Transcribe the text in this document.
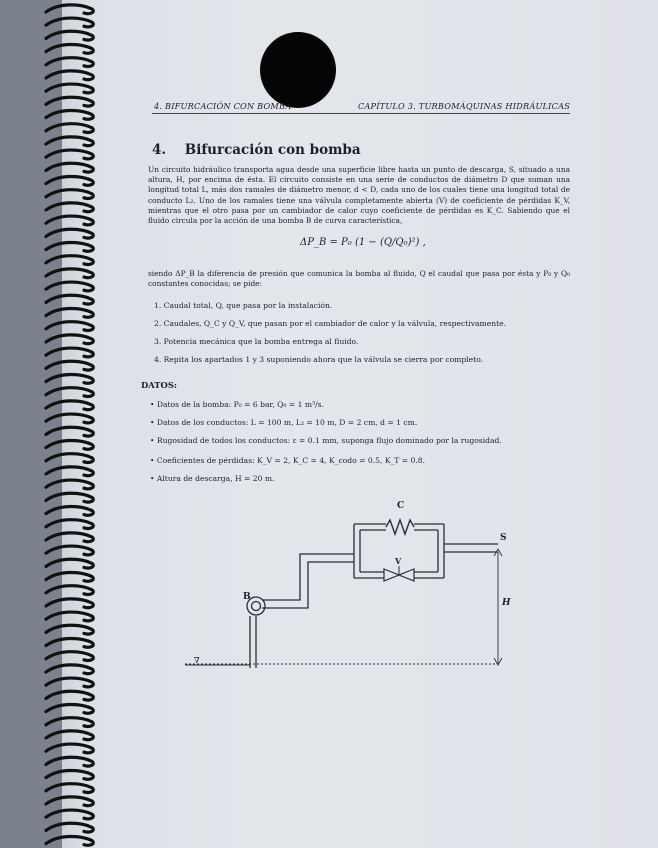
4. BIFURCACIÓN CON BOMBA	CAPÍTULO 3. TURBOMÁQUINAS HIDRÁULICAS
4. Bifurcación con bomba
Un circuito hidráulico transporta agua desde una superficie libre hasta un punto de descarga, S, situado a una altura, H, por encima de ésta. El circuito consiste en una serie de conductos de diámetro D que suman una longitud total L, más dos ramales de diámetro menor, d < D, cada uno de los cuales tiene una longitud total de conducto L₂. Uno de los ramales tiene una válvula completamente abierta (V) de coeficiente de pérdidas K_V, mientras que el otro pasa por un cambiador de calor cuyo coeficiente de pérdidas es K_C. Sabiendo que el fluido circula por la acción de una bomba B de curva característica,
ΔP_B = P₀ (1 − (Q/Q₀)²) ,
siendo ΔP_B la diferencia de presión que comunica la bomba al fluido, Q el caudal que pasa por ésta y P₀ y Q₀ constantes conocidas; se pide:
1. Caudal total, Q, que pasa por la instalación.
2. Caudales, Q_C y Q_V, que pasan por el cambiador de calor y la válvula, respectivamente.
3. Potencia mecánica que la bomba entrega al fluido.
4. Repita los apartados 1 y 3 suponiendo ahora que la válvula se cierra por completo.
DATOS:
• Datos de la bomba: P₀ = 6 bar, Q₀ = 1 m³/s.
• Datos de los conductos: L = 100 m, L₂ = 10 m, D = 2 cm, d = 1 cm.
• Rugosidad de todos los conductos: ε = 0.1 mm, suponga flujo dominado por la rugosidad.
• Coeficientes de pérdidas: K_V = 2, K_C = 4, K_codo = 0.5, K_T = 0.8.
• Altura de descarga, H = 20 m.
C
V
S
B
H
∇
